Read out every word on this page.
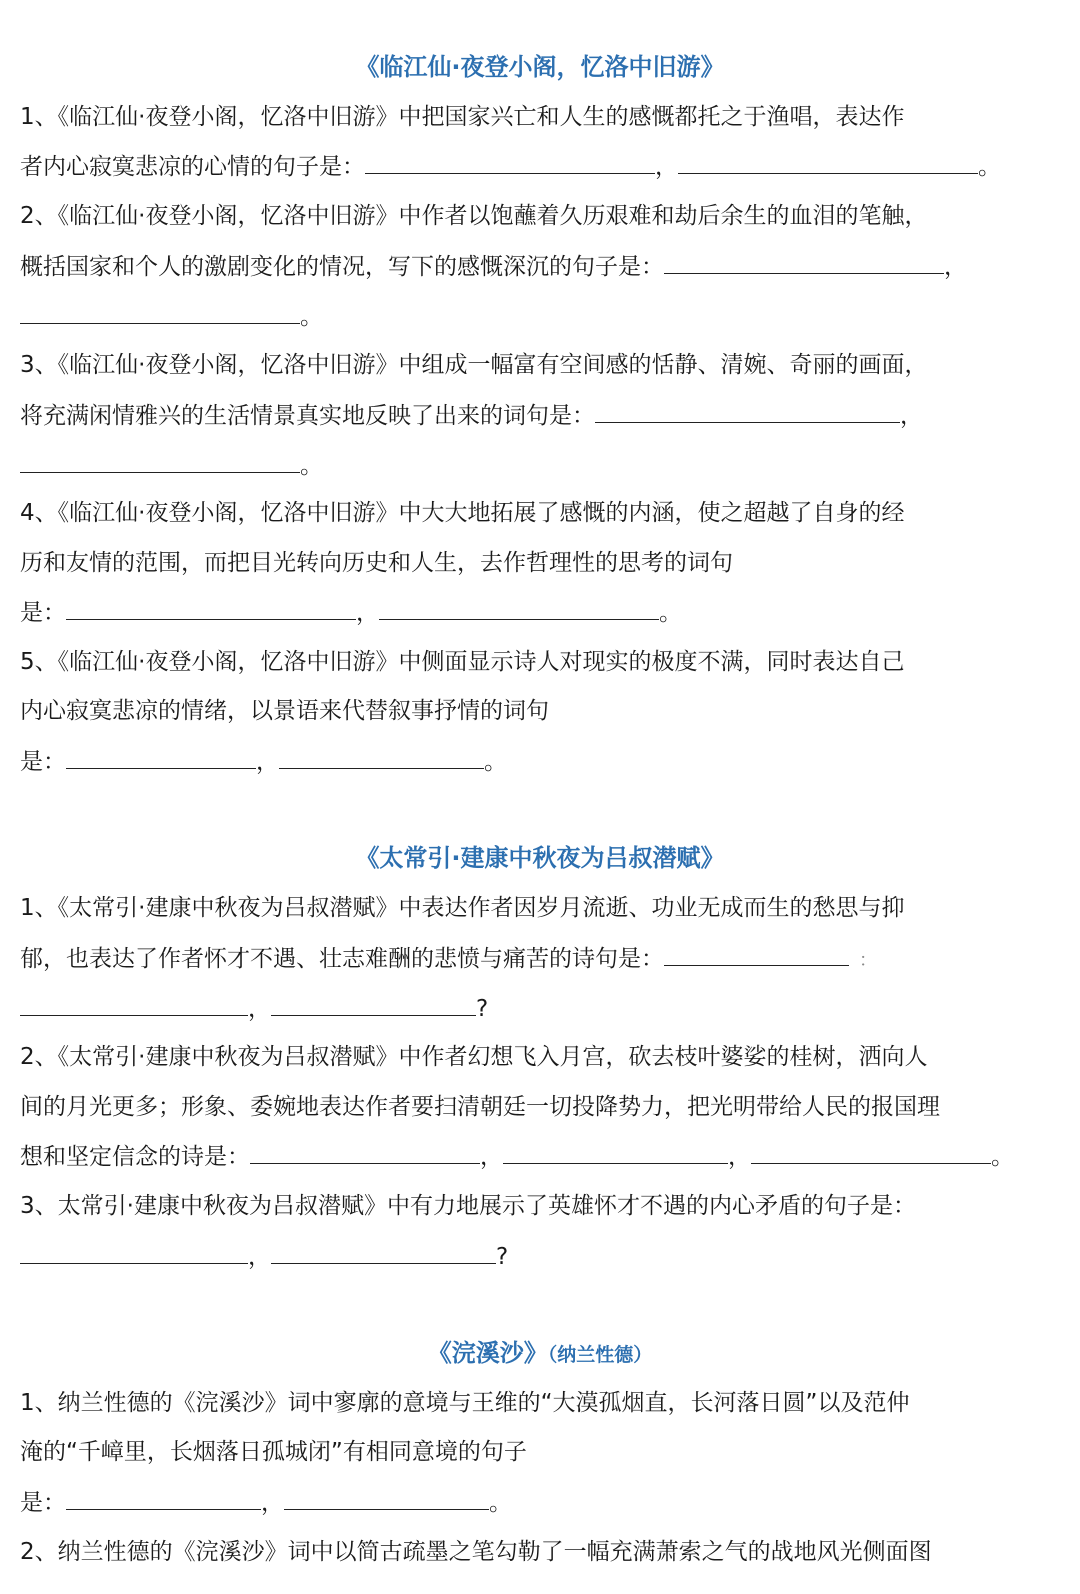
《临江仙·夜登小阁，忆洛中旧游》
1、《临江仙·夜登小阁，忆洛中旧游》中把国家兴亡和人生的感慨都托之于渔唱，表达作
者内心寂寞悲凉的心情的句子是：	，	。
2、《临江仙·夜登小阁，忆洛中旧游》中作者以饱蘸着久历艰难和劫后余生的血泪的笔触，
概括国家和个人的激剧变化的情况，写下的感慨深沉的句子是：	，
。
3、《临江仙·夜登小阁，忆洛中旧游》中组成一幅富有空间感的恬静、清婉、奇丽的画面，
将充满闲情雅兴的生活情景真实地反映了出来的词句是：	，
。
4、《临江仙·夜登小阁，忆洛中旧游》中大大地拓展了感慨的内涵，使之超越了自身的经
历和友情的范围，而把目光转向历史和人生，去作哲理性的思考的词句
是：	，	。
5、《临江仙·夜登小阁，忆洛中旧游》中侧面显示诗人对现实的极度不满，同时表达自己
内心寂寞悲凉的情绪，以景语来代替叙事抒情的词句
是：	，	。
《太常引·建康中秋夜为吕叔潜赋》
1、《太常引·建康中秋夜为吕叔潜赋》中表达作者因岁月流逝、功业无成而生的愁思与抑
郁，也表达了作者怀才不遇、壮志难酬的悲愤与痛苦的诗句是：	：
，	?
2、《太常引·建康中秋夜为吕叔潜赋》中作者幻想飞入月宫，砍去枝叶婆娑的桂树，洒向人
间的月光更多；形象、委婉地表达作者要扫清朝廷一切投降势力，把光明带给人民的报国理
想和坚定信念的诗是：	，	，	。
3、太常引·建康中秋夜为吕叔潜赋》中有力地展示了英雄怀才不遇的内心矛盾的句子是：
，	?
《浣溪沙》（纳兰性德）
1、纳兰性德的《浣溪沙》词中寥廓的意境与王维的“大漠孤烟直，长河落日圆”以及范仲
淹的“千嶂里，长烟落日孤城闭”有相同意境的句子
是：	，	。
2、纳兰性德的《浣溪沙》词中以简古疏墨之笔勾勒了一幅充满萧索之气的战地风光侧面图
